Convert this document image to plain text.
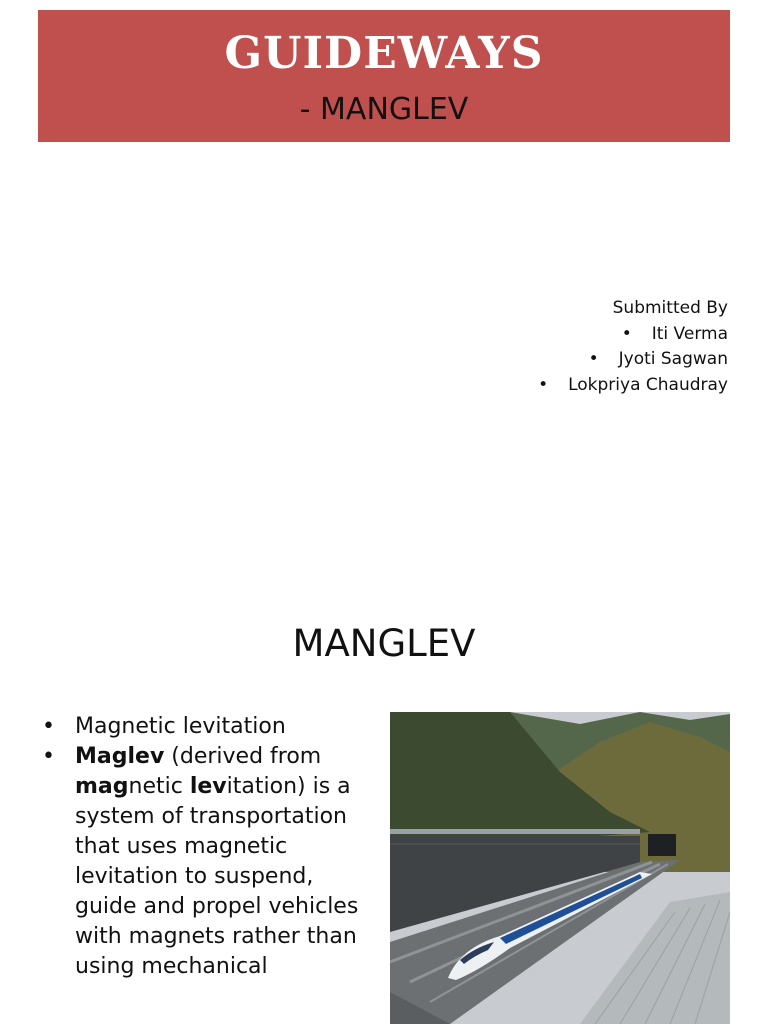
GUIDEWAYS
- MANGLEV
Submitted By
• Iti Verma
• Jyoti Sagwan
• Lokpriya Chaudray
MANGLEV
• Magnetic levitation
• Maglev (derived from magnetic levitation) is a system of transportation that uses magnetic levitation to suspend, guide and propel vehicles with magnets rather than using mechanical
